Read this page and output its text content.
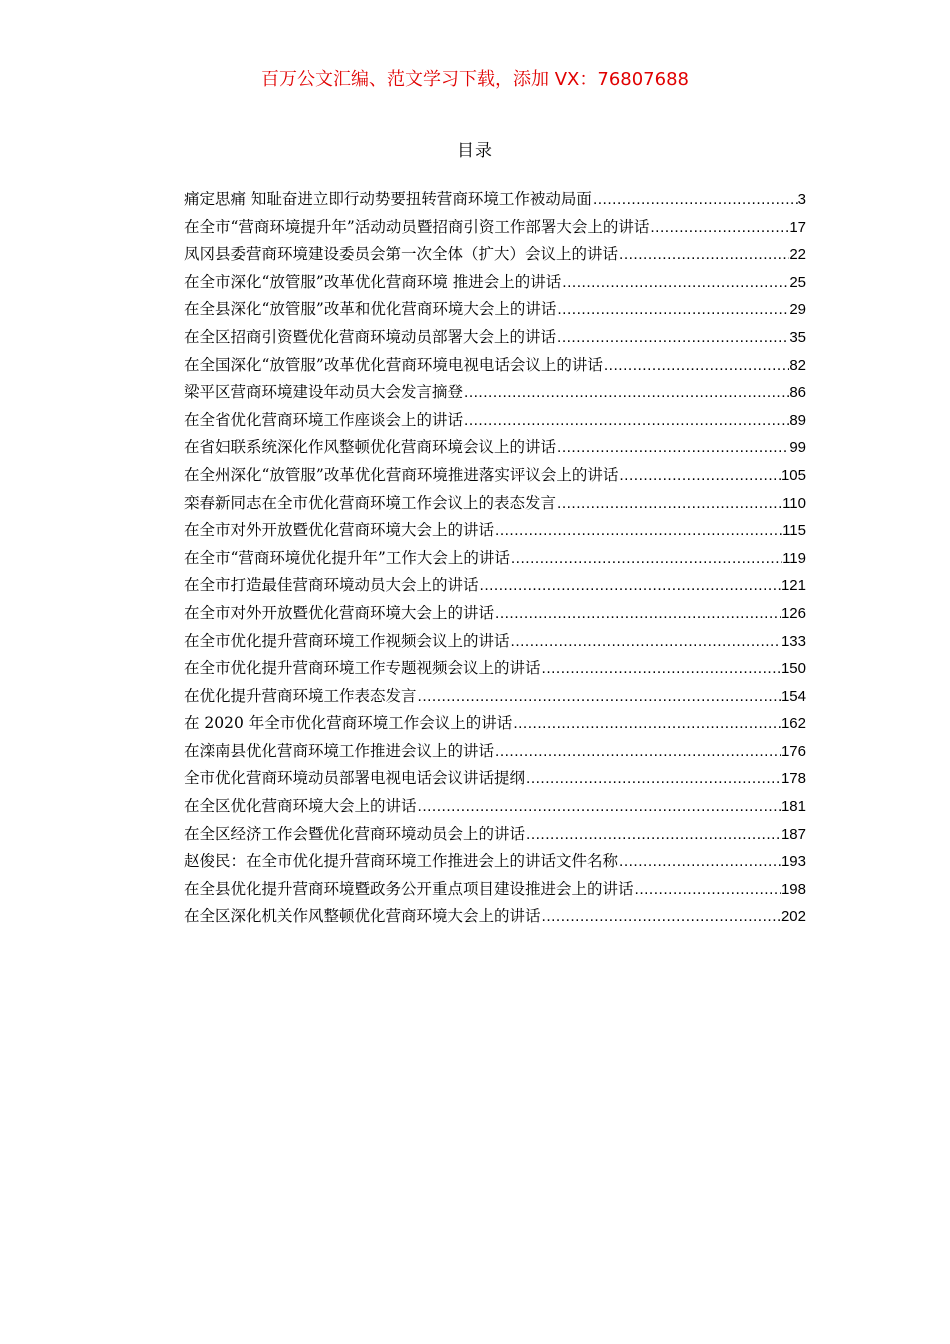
百万公文汇编、范文学习下载，添加 VX：76807688
目录
痛定思痛 知耻奋进立即行动势要扭转营商环境工作被动局面 .....	3
在全市“营商环境提升年”活动动员暨招商引资工作部署大会上的讲话 .....	17
凤冈县委营商环境建设委员会第一次全体（扩大）会议上的讲话 .....	22
在全市深化“放管服”改革优化营商环境 推进会上的讲话 .....	25
在全县深化“放管服”改革和优化营商环境大会上的讲话 .....	29
在全区招商引资暨优化营商环境动员部署大会上的讲话 .....	35
在全国深化“放管服”改革优化营商环境电视电话会议上的讲话 .....	82
梁平区营商环境建设年动员大会发言摘登 .....	86
在全省优化营商环境工作座谈会上的讲话 .....	89
在省妇联系统深化作风整顿优化营商环境会议上的讲话 .....	99
在全州深化“放管服”改革优化营商环境推进落实评议会上的讲话 .....	105
栾春新同志在全市优化营商环境工作会议上的表态发言 .....	110
在全市对外开放暨优化营商环境大会上的讲话 .....	115
在全市“营商环境优化提升年”工作大会上的讲话 .....	119
在全市打造最佳营商环境动员大会上的讲话 .....	121
在全市对外开放暨优化营商环境大会上的讲话 .....	126
在全市优化提升营商环境工作视频会议上的讲话 .....	133
在全市优化提升营商环境工作专题视频会议上的讲话 .....	150
在优化提升营商环境工作表态发言 .....	154
在 2020 年全市优化营商环境工作会议上的讲话 .....	162
在滦南县优化营商环境工作推进会议上的讲话 .....	176
全市优化营商环境动员部署电视电话会议讲话提纲 .....	178
在全区优化营商环境大会上的讲话 .....	181
在全区经济工作会暨优化营商环境动员会上的讲话 .....	187
赵俊民：在全市优化提升营商环境工作推进会上的讲话文件名称 .....	193
在全县优化提升营商环境暨政务公开重点项目建设推进会上的讲话 .....	198
在全区深化机关作风整顿优化营商环境大会上的讲话 .....	202
